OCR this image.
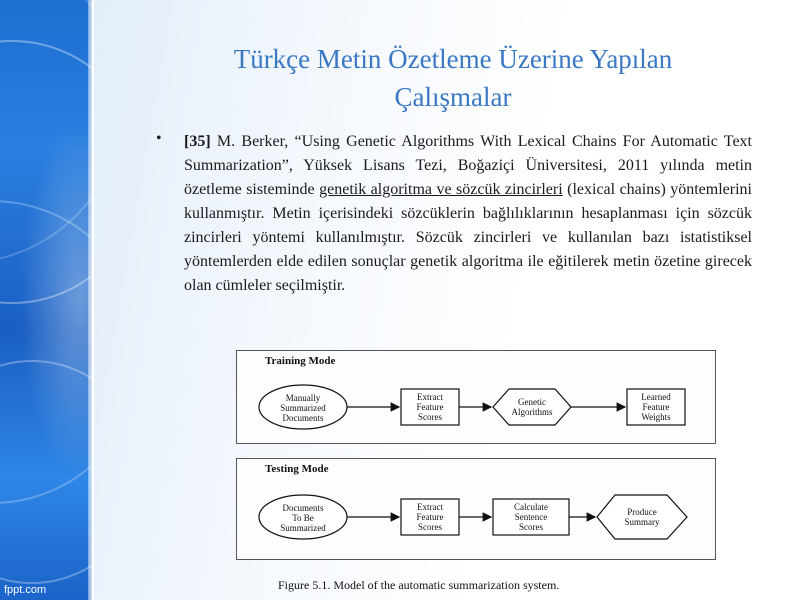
fppt.com
Türkçe Metin Özetleme Üzerine Yapılan
Çalışmalar
• [35] M. Berker, “Using Genetic Algorithms With Lexical Chains For Automatic Text Summarization”, Yüksek Lisans Tezi, Boğaziçi Üniversitesi, 2011 yılında metin özetleme sisteminde genetik algoritma ve sözcük zincirleri (lexical chains) yöntemlerini kullanmıştır. Metin içerisindeki sözcüklerin bağlılıklarının hesaplanması için sözcük zincirleri yöntemi kullanılmıştır. Sözcük zincirleri ve kullanılan bazı istatistiksel yöntemlerden elde edilen sonuçlar genetik algoritma ile eğitilerek metin özetine girecek olan cümleler seçilmiştir.
Training Mode
Manually
Summarized
Documents
Extract
Feature
Scores
Genetic
Algorithms
Learned
Feature
Weights
Testing Mode
Documents
To Be
Summarized
Extract
Feature
Scores
Calculate
Sentence
Scores
Produce
Summary
Figure 5.1. Model of the automatic summarization system.
